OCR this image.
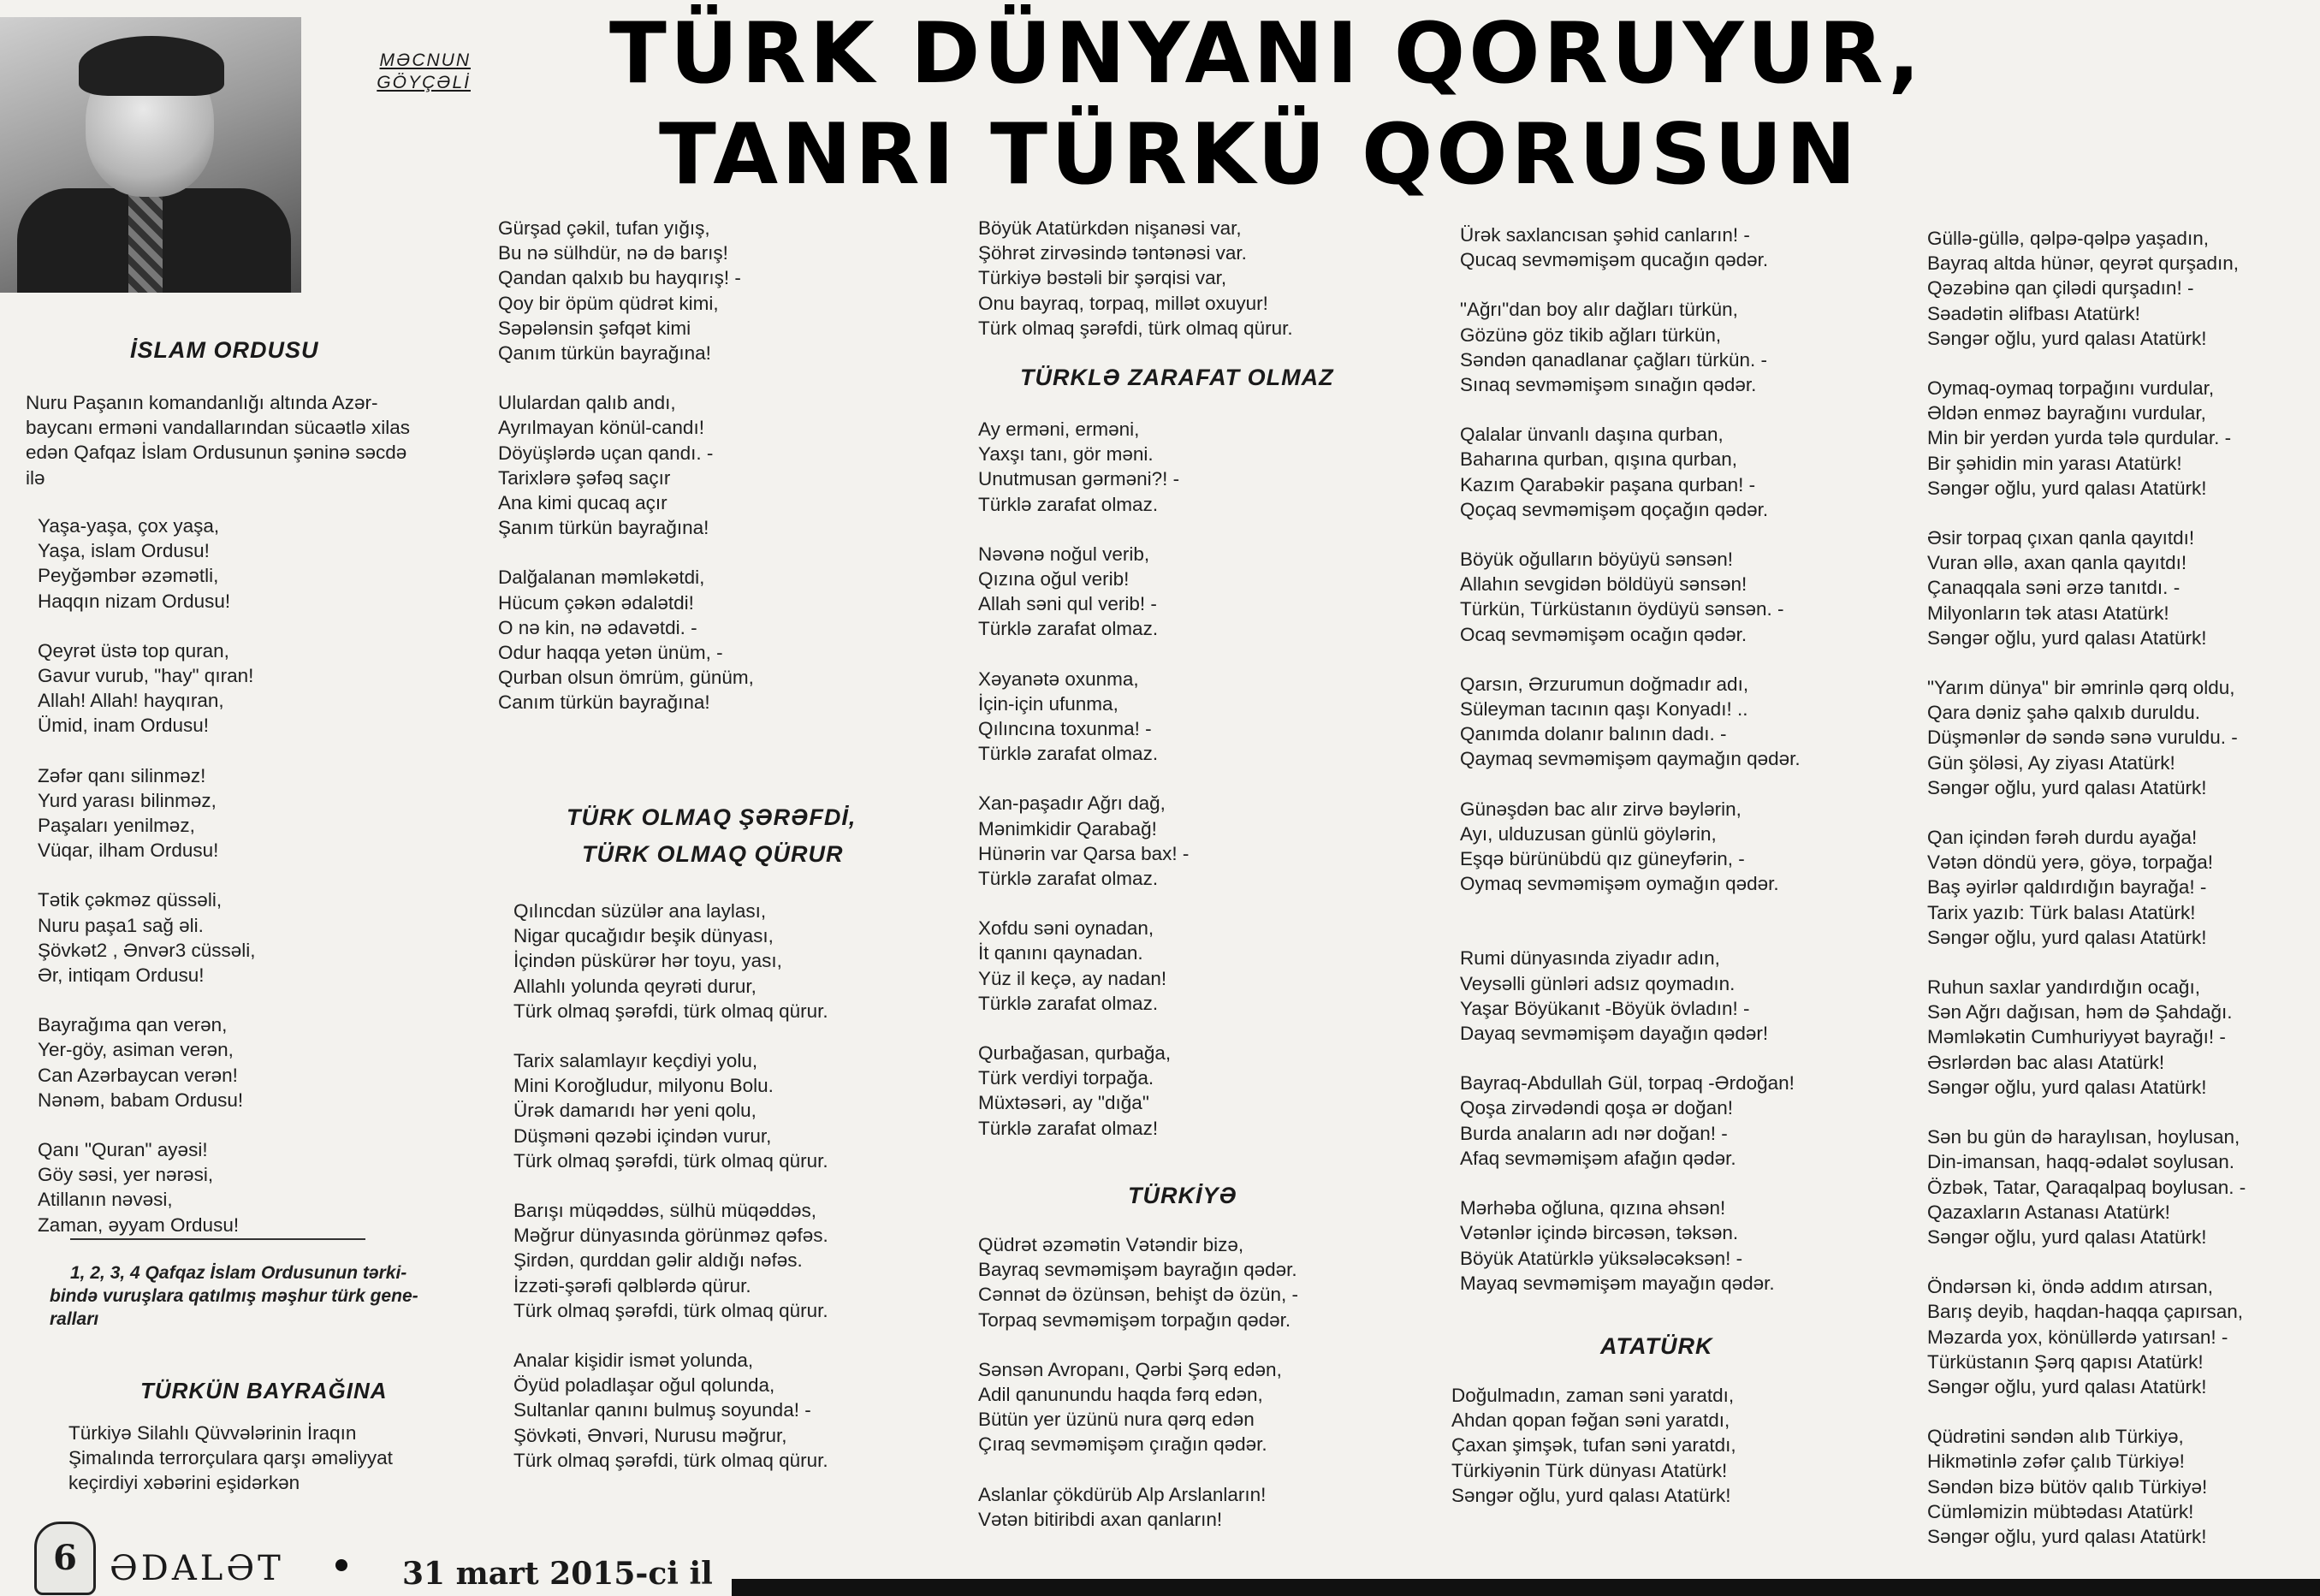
MƏCNUN
GÖYÇƏLİ TÜRK DÜNYANI QORUYUR,
TANRI TÜRKÜ QORUSUN
İSLAM ORDUSU

Nuru Paşanın komandanlığı altında Azər-

baycanı erməni vandallarından süсаətlə xilas

edən Qafqaz İslam Ordusunun şəninə səcdə

ilə

Yaşa-yaşa, çox yaşa,

Yaşa, islam Ordusu!

Peyğəmbər əzəmətli,

Haqqın nizam Ordusu!

Qeyrət üstə top quran,

Gavur vurub, "hay" qıran!

Allah! Allah! hayqıran,

Ümid, inam Ordusu!

Zəfər qanı silinməz!

Yurd yarası bilinməz,

Paşaları yenilməz,

Vüqar, ilham Ordusu!

Tətik çəkməz qüssəli,

Nuru paşa1 sağ əli.

Şövkət2 , Ənvər3 cüssəli,

Ər, intiqam Ordusu!

Bayrağıma qan verən,

Yer-göy, asiman verən,

Can Azərbaycan verən!

Nənəm, babam Ordusu!

Qanı "Quran" ayəsi!

Göy səsi, yer nərəsi,

Atillanın nəvəsi,

Zaman, əyyam Ordusu!

1, 2, 3, 4 Qafqaz İslam Ordusunun tərki-

bində vuruşlara qatılmış məşhur türk gene-

ralları

TÜRKÜN BAYRAĞINA

Türkiyə Silahlı Qüvvələrinin İraqın

Şimalında terrorçulara qarşı əməliyyat

keçirdiyi xəbərini eşidərkən

Gürşad çəkil, tufan yığış,

Bu nə sülhdür, nə də barış!

Qandan qalxıb bu hayqırış! -

Qoy bir öpüm qüdrət kimi,

Səpələnsin şəfqət kimi

Qanım türkün bayrağına!

Ululardan qalıb andı,

Ayrılmayan könül-candı!

Döyüşlərdə uçan qandı. -

Tarixlərə şəfəq saçır

Ana kimi qucaq açır

Şanım türkün bayrağına!

Dalğalanan məmləkətdi,

Hücum çəkən ədalətdi!

O nə kin, nə ədavətdi. -

Odur haqqa yetən ünüm, -

Qurban olsun ömrüm, günüm,

Canım türkün bayrağına!

TÜRK OLMAQ ŞƏRƏFDİ,
TÜRK OLMAQ QÜRUR

Qılıncdan süzülər ana laylası,

Nigar qucağıdır beşik dünyası,

İçindən püskürər hər toyu, yası,

Allahlı yolunda qeyrəti durur,

Türk olmaq şərəfdi, türk olmaq qürur.

Tarix salamlayır keçdiyi yolu,

Mini Koroğludur, milyonu Bolu.

Ürək damarıdı hər yeni qolu,

Düşməni qəzəbi içindən vurur,

Türk olmaq şərəfdi, türk olmaq qürur.

Barışı müqəddəs, sülhü müqəddəs,

Məğrur dünyasında görünməz qəfəs.

Şirdən, qurddan gəlir aldığı nəfəs.

İzzəti-şərəfi qəlblərdə qürur.

Türk olmaq şərəfdi, türk olmaq qürur.

Analar kişidir ismət yolunda,

Öyüd poladlaşar oğul qolunda,

Sultanlar qanını bulmuş soyunda! -

Şövkəti, Ənvəri, Nurusu məğrur,

Türk olmaq şərəfdi, türk olmaq qürur.

Böyük Atatürkdən nişanəsi var,

Şöhrət zirvəsində təntənəsi var.

Türkiyə bəstəli bir şərqisi var,

Onu bayraq, torpaq, millət oxuyur!

Türk olmaq şərəfdi, türk olmaq qürur.

TÜRKLƏ ZARAFAT OLMAZ

Ay erməni, erməni,

Yaxşı tanı, gör məni.

Unutmusan gərməni?! -

Türklə zarafat olmaz.

Nəvənə noğul verib,

Qızına oğul verib!

Allah səni qul verib! -

Türklə zarafat olmaz.

Xəyanətə oxunma,

İçin-için ufunma,

Qılıncına toxunma! -

Türklə zarafat olmaz.

Xan-paşadır Ağrı dağ,

Mənimkidir Qarabağ!

Hünərin var Qarsa bax! -

Türklə zarafat olmaz.

Xofdu səni oynadan,

İt qanını qaynadan.

Yüz il keçə, ay nadan!

Türklə zarafat olmaz.

Qurbağasan, qurbağa,

Türk verdiyi torpağa.

Müxtəsəri, ay "dığa"

Türklə zarafat olmaz!

TÜRKİYƏ

Qüdrət əzəmətin Vətəndir bizə,

Bayraq sevməmişəm bayrağın qədər.

Cənnət də özünsən, behişt də özün, -

Torpaq sevməmişəm torpağın qədər.

Sənsən Avropanı, Qərbi Şərq edən,

Adil qanunundu haqda fərq edən,

Bütün yer üzünü nura qərq edən

Çıraq sevməmişəm çırağın qədər.

Aslanlar çökdürüb Alp Arslanların!

Vətən bitiribdi axan qanların!

Ürək saxlancısan şəhid canların! -

Qucaq sevməmişəm qucağın qədər.

"Ağrı"dan boy alır dağları türkün,

Gözünə göz tikib ağları türkün,

Səndən qanadlanar çağları türkün. -

Sınaq sevməmişəm sınağın qədər.

Qalalar ünvanlı daşına qurban,

Baharına qurban, qışına qurban,

Kazım Qarabəkir paşana qurban! -

Qoçaq sevməmişəm qoçağın qədər.

Böyük oğulların böyüyü sənsən!

Allahın sevgidən böldüyü sənsən!

Türkün, Türküstanın öydüyü sənsən. -

Ocaq sevməmişəm ocağın qədər.

Qarsın, Ərzurumun doğmadır adı,

Süleyman tacının qaşı Konyadı! ..

Qanımda dolanır balının dadı. -

Qaymaq sevməmişəm qaymağın qədər.

Günəşdən bac alır zirvə bəylərin,

Ayı, ulduzusan günlü göylərin,

Eşqə bürünübdü qız güneyfərin, -

Oymaq sevməmişəm oymağın qədər.

Rumi dünyasında ziyadır adın,

Veysəlli günləri adsız qoymadın.

Yaşar Böyükanıt -Böyük övladın! -

Dayaq sevməmişəm dayağın qədər!

Bayraq-Abdullah Gül, torpaq -Ərdoğan!

Qoşa zirvədəndi qoşa ər doğan!

Burda anaların adı nər doğan! -

Afaq sevməmişəm afağın qədər.

Mərhəba oğluna, qızına əhsən!

Vətənlər içində bircəsən, təksən.

Böyük Atatürklə yüksələcəksən! -

Mayaq sevməmişəm mayağın qədər.

ATATÜRK

Doğulmadın, zaman səni yaratdı,

Ahdan qopan fəğan səni yaratdı,

Çaxan şimşək, tufan səni yaratdı,

Türkiyənin Türk dünyası Atatürk!

Səngər oğlu, yurd qalası Atatürk!

Güllə-güllə, qəlpə-qəlpə yaşadın,

Bayraq altda hünər, qeyrət qurşadın,

Qəzəbinə qan çilədi qurşadın! -

Səadətin əlifbası Atatürk!

Səngər oğlu, yurd qalası Atatürk!

Oymaq-oymaq torpağını vurdular,

Əldən enməz bayrağını vurdular,

Min bir yerdən yurda tələ qurdular. -

Bir şəhidin min yarası Atatürk!

Səngər oğlu, yurd qalası Atatürk!

Əsir torpaq çıxan qanla qayıtdı!

Vuran əllə, axan qanla qayıtdı!

Çanaqqala səni ərzə tanıtdı. -

Milyonların tək atası Atatürk!

Səngər oğlu, yurd qalası Atatürk!

"Yarım dünya" bir əmrinlə qərq oldu,

Qara dəniz şahə qalxıb duruldu.

Düşmənlər də səndə sənə vuruldu. -

Gün şöləsi, Ay ziyası Atatürk!

Səngər oğlu, yurd qalası Atatürk!

Qan içindən fərəh durdu ayağa!

Vətən döndü yerə, göyə, torpağa!

Baş əyirlər qaldırdığın bayrağa! -

Tarix yazıb: Türk balası Atatürk!

Səngər oğlu, yurd qalası Atatürk!

Ruhun saxlar yandırdığın ocağı,

Sən Ağrı dağısan, həm də Şahdağı.

Məmləkətin Cumhuriyyət bayrağı! -

Əsrlərdən bac alası Atatürk!

Səngər oğlu, yurd qalası Atatürk!

Sən bu gün də haraylısan, hoylusan,

Din-imansan, haqq-ədalət soylusan.

Özbək, Tatar, Qaraqalpaq boylusan. -

Qazaxların Astanası Atatürk!

Səngər oğlu, yurd qalası Atatürk!

Öndərsən ki, öndə addım atırsan,

Barış deyib, haqdan-haqqa çapırsan,

Məzarda yox, könüllərdə yatırsan! -

Türküstanın Şərq qapısı Atatürk!

Səngər oğlu, yurd qalası Atatürk!

Qüdrətini səndən alıb Türkiyə,

Hikmətinlə zəfər çalıb Türkiyə!

Səndən bizə bütöv qalıb Türkiyə!

Cümləmizin mübtədası Atatürk!

Səngər oğlu, yurd qalası Atatürk!

6 ƏDALƏT	31 mart 2015-ci il
